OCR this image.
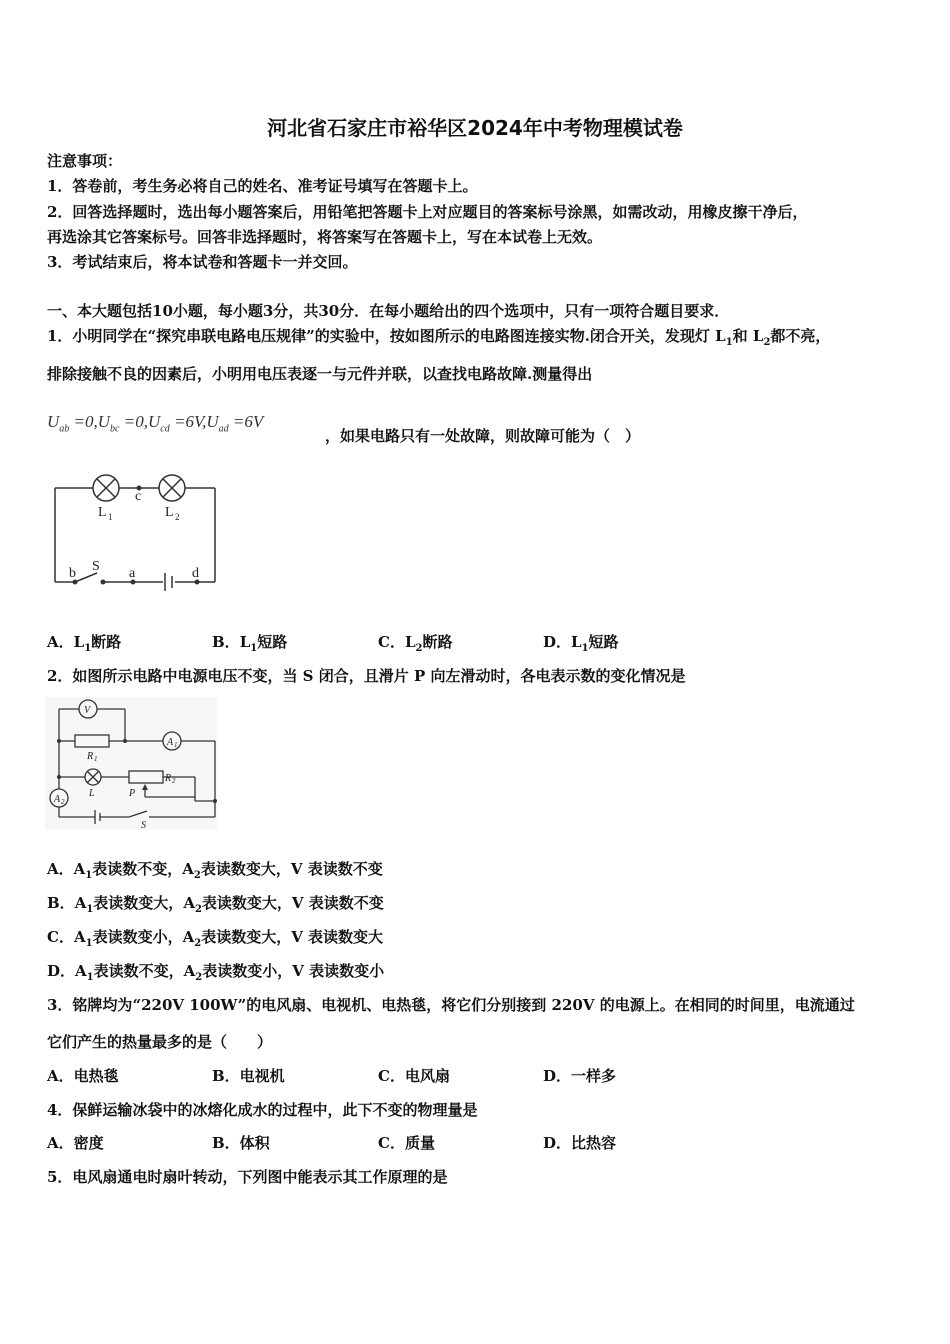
河北省石家庄市裕华区2024年中考物理模试卷
注意事项：
1．答卷前，考生务必将自己的姓名、准考证号填写在答题卡上。
2．回答选择题时，选出每小题答案后，用铅笔把答题卡上对应题目的答案标号涂黑，如需改动，用橡皮擦干净后，
再选涂其它答案标号。回答非选择题时，将答案写在答题卡上，写在本试卷上无效。
3．考试结束后，将本试卷和答题卡一并交回。
一、本大题包括10小题，每小题3分，共30分．在每小题给出的四个选项中，只有一项符合题目要求．
1．小明同学在“探究串联电路电压规律”的实验中，按如图所示的电路图连接实物.闭合开关，发现灯 $L_1$和 $L_2$都不亮，
排除接触不良的因素后，小明用电压表逐一与元件并联，以查找电路故障.测量得出
$U_{ab} =0,U_{bc} =0,U_{cd} =6V,U_{ad} =6V$
，如果电路只有一处故障，则故障可能为（　）
c
L 1	L 2
b S a	d
A．$L_1$断路	B．$L_1$短路	C．$L_2$断路	D．$L_1$短路
2．如图所示电路中电源电压不变，当 S 闭合，且滑片 P 向左滑动时，各电表示数的变化情况是
V
A 1
A 2
R 1
R 2
L	P
S
A．$A_1$表读数不变，$A_2$表读数变大，V 表读数不变
B．$A_1$表读数变大，$A_2$表读数变大，V 表读数不变
C．$A_1$表读数变小，$A_2$表读数变大，V 表读数变大
D．$A_1$表读数不变，$A_2$表读数变小，V 表读数变小
3．铭牌均为“220V 100W”的电风扇、电视机、电热毯，将它们分别接到 220V 的电源上。在相同的时间里，电流通过
它们产生的热量最多的是（　　）
A．电热毯	B．电视机	C．电风扇	D．一样多
4．保鲜运输冰袋中的冰熔化成水的过程中，此下不变的物理量是
A．密度	B．体积	C．质量	D．比热容
5．电风扇通电时扇叶转动，下列图中能表示其工作原理的是
